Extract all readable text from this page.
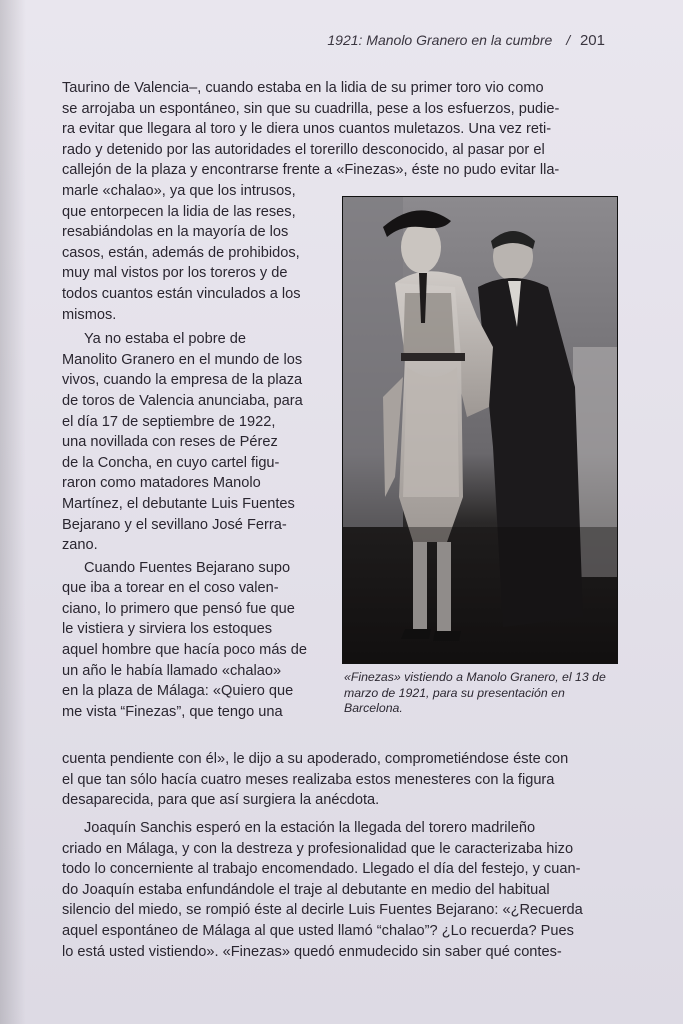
1921: Manolo Granero en la cumbre / 201
Taurino de Valencia–, cuando estaba en la lidia de su primer toro vio como
se arrojaba un espontáneo, sin que su cuadrilla, pese a los esfuerzos, pudie-
ra evitar que llegara al toro y le diera unos cuantos muletazos. Una vez reti-
rado y detenido por las autoridades el torerillo desconocido, al pasar por el
callejón de la plaza y encontrarse frente a «Finezas», éste no pudo evitar lla-

marle «chalao», ya que los intrusos,
que entorpecen la lidia de las reses,
resabiándolas en la mayoría de los
casos, están, además de prohibidos,
muy mal vistos por los toreros y de
todos cuantos están vinculados a los
mismos.

Ya no estaba el pobre de
Manolito Granero en el mundo de los
vivos, cuando la empresa de la plaza
de toros de Valencia anunciaba, para
el día 17 de septiembre de 1922,
una novillada con reses de Pérez
de la Concha, en cuyo cartel figu-
raron como matadores Manolo
Martínez, el debutante Luis Fuentes
Bejarano y el sevillano José Ferra-
zano.

Cuando Fuentes Bejarano supo
que iba a torear en el coso valen-
ciano, lo primero que pensó fue que
le vistiera y sirviera los estoques
aquel hombre que hacía poco más de
un año le había llamado «chalao»
en la plaza de Málaga: «Quiero que
me vista “Finezas”, que tengo una

«Finezas» vistiendo a Manolo Granero, el 13 de marzo de 1921, para su presentación en Barcelona.
cuenta pendiente con él», le dijo a su apoderado, comprometiéndose éste con
el que tan sólo hacía cuatro meses realizaba estos menesteres con la figura
desaparecida, para que así surgiera la anécdota.
Joaquín Sanchis esperó en la estación la llegada del torero madrileño
criado en Málaga, y con la destreza y profesionalidad que le caracterizaba hizo
todo lo concerniente al trabajo encomendado. Llegado el día del festejo, y cuan-
do Joaquín estaba enfundándole el traje al debutante en medio del habitual
silencio del miedo, se rompió éste al decirle Luis Fuentes Bejarano: «¿Recuerda
aquel espontáneo de Málaga al que usted llamó “chalao”? ¿Lo recuerda? Pues
lo está usted vistiendo». «Finezas» quedó enmudecido sin saber qué contes-
